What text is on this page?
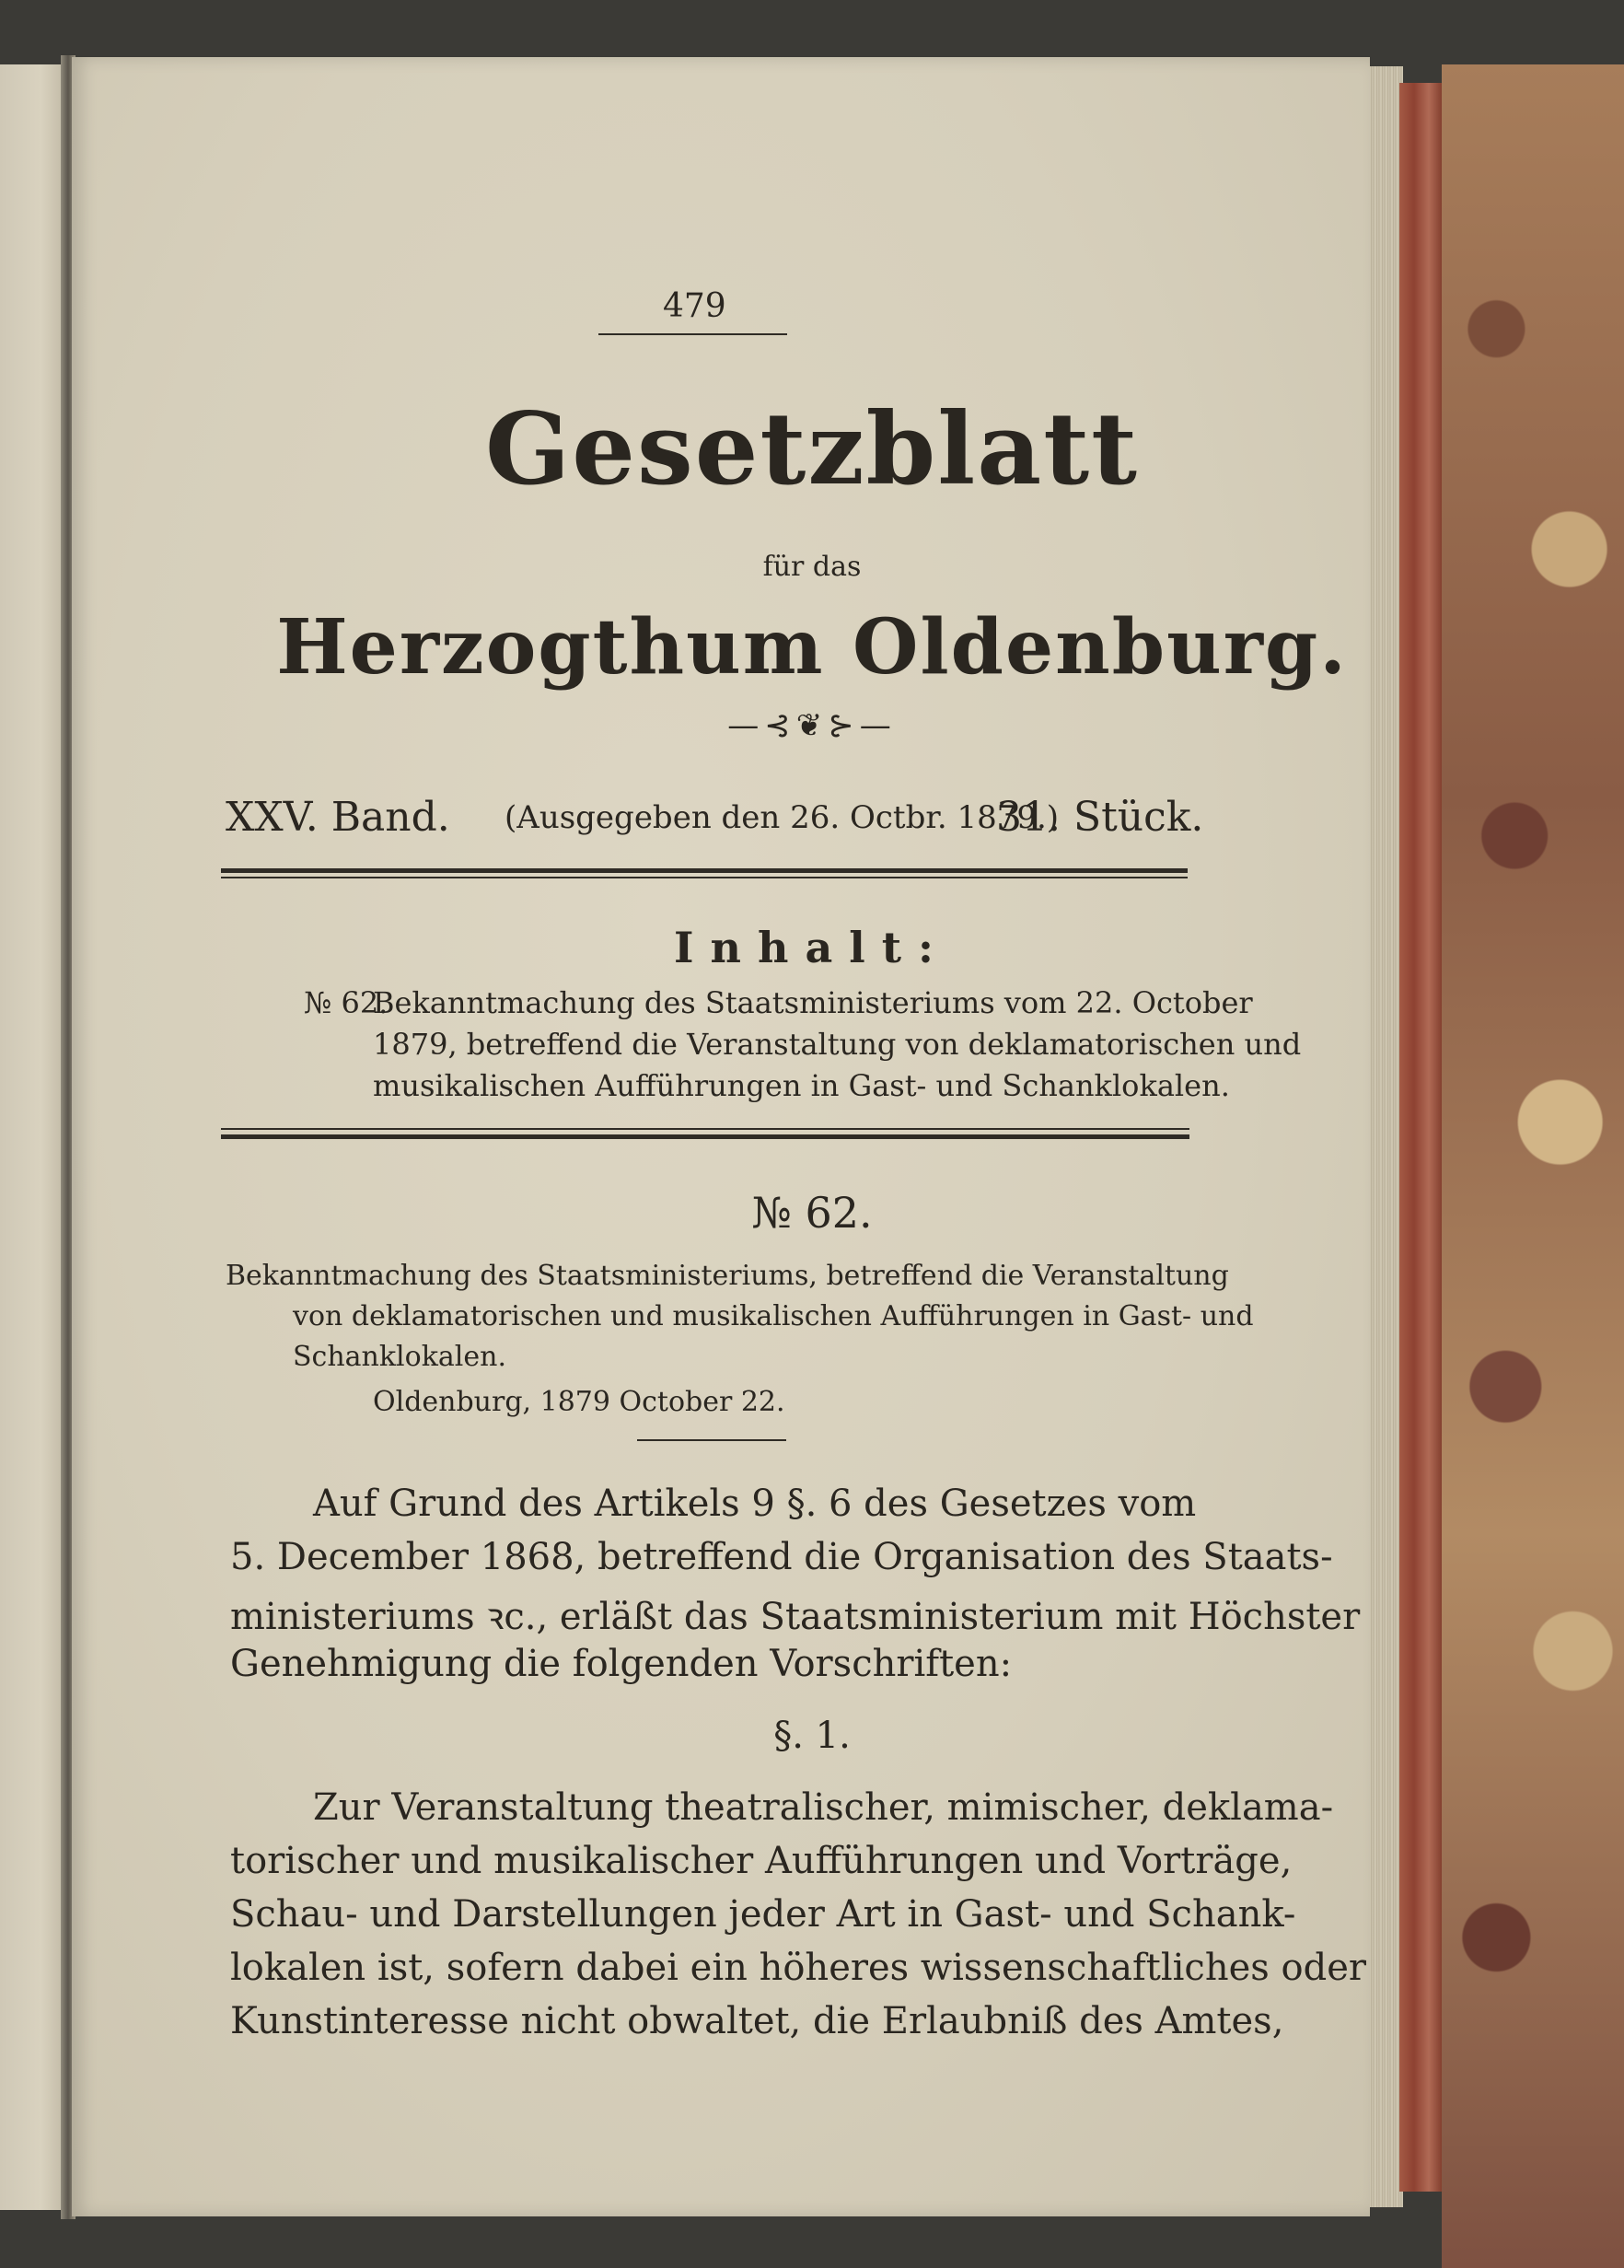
479

Gesetzblatt

für das

Herzogthum Oldenburg.

—⊰❦⊱—

XXV. Band. (Ausgegeben den 26. Octbr. 1879.)

31. Stück.

Inhalt:

№ 62.

Bekanntmachung des Staatsministeriums vom 22. October

1879, betreffend die Veranstaltung von deklamatorischen und

musikalischen Aufführungen in Gast- und Schanklokalen.

№ 62.

Bekanntmachung des Staatsministeriums, betreffend die Veranstaltung

von deklamatorischen und musikalischen Aufführungen in Gast- und

Schanklokalen.

Oldenburg, 1879 October 22.

Auf Grund des Artikels 9 §. 6 des Gesetzes vom

5. December 1868, betreffend die Organisation des Staats-

ministeriums ꝛc., erläßt das Staatsministerium mit Höchster

Genehmigung die folgenden Vorschriften:

§. 1.

Zur Veranstaltung theatralischer, mimischer, deklama-

torischer und musikalischer Aufführungen und Vorträge,

Schau- und Darstellungen jeder Art in Gast- und Schank-

lokalen ist, sofern dabei ein höheres wissenschaftliches oder

Kunstinteresse nicht obwaltet, die Erlaubniß des Amtes,
